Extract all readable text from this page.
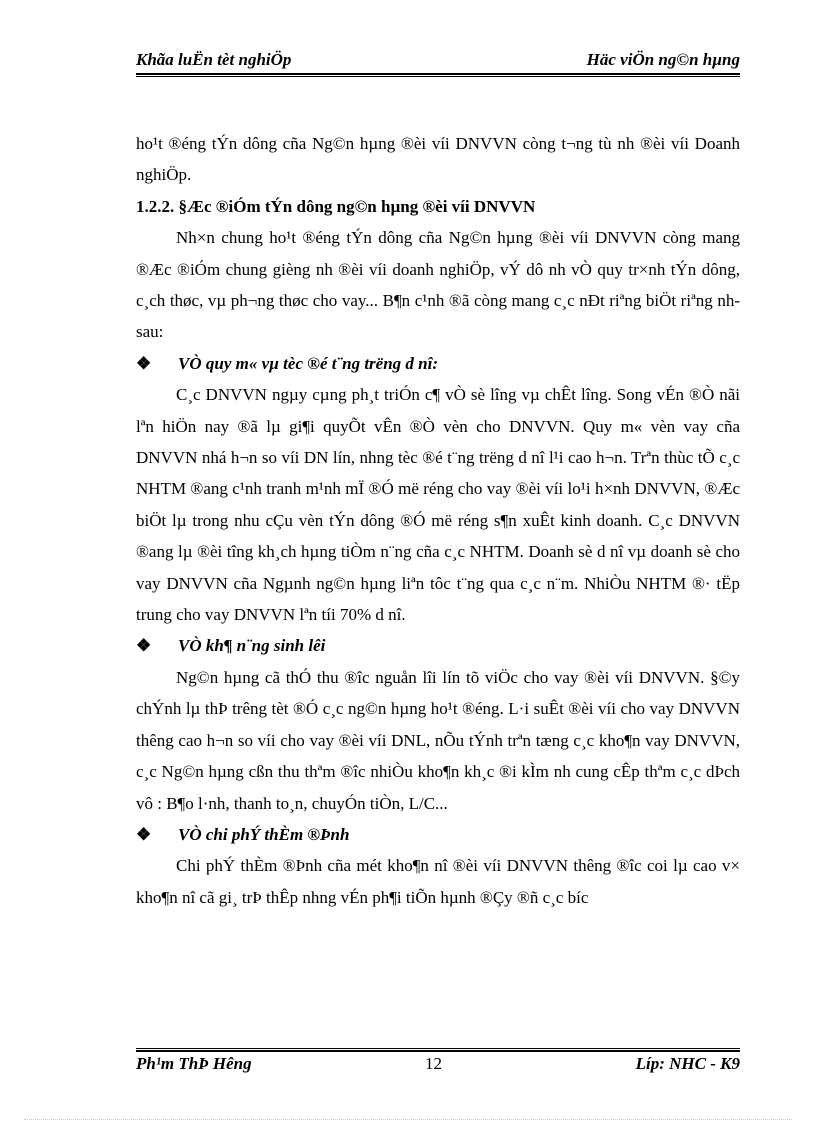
Khãa luËn tèt nghiÖp	Häc viÖn ng©n hµng

ho¹t ®éng tÝn dông cña Ng©n hµng ®èi víi DNVVN còng t¬ng tù nh ®èi víi Doanh nghiÖp.

1.2.2. §Æc ®iÓm tÝn dông ng©n hµng ®èi víi DNVVN

Nh×n chung ho¹t ®éng tÝn dông cña Ng©n hµng ®èi víi DNVVN còng mang ®Æc ®iÓm chung gièng nh ®èi víi doanh nghiÖp, vÝ dô nh vÒ quy tr×nh tÝn dông, c¸ch thøc, vµ ph¬ng thøc cho vay... B¶n c¹nh ®ã còng mang c¸c nÐt riªng biÖt riªng nh sau:

❖ VÒ quy m« vµ tèc ®é t¨ng trëng d nî:

C¸c DNVVN ngµy cµng ph¸t triÓn c¶ vÒ sè lîng vµ chÊt lîng. Song vÉn ®Ò nãi lªn hiÖn nay ®ã lµ gi¶i quyÕt vÊn ®Ò vèn cho DNVVN. Quy m« vèn vay cña DNVVN nhá h¬n so víi DN lín, nhng tèc ®é t¨ng trëng d nî l¹i cao h¬n. Trªn thùc tÕ c¸c NHTM ®ang c¹nh tranh m¹nh mÏ ®Ó më réng cho vay ®èi víi lo¹i h×nh DNVVN, ®Æc biÖt lµ trong nhu cÇu vèn tÝn dông ®Ó më réng s¶n xuÊt kinh doanh. C¸c DNVVN ®ang lµ ®èi tîng kh¸ch hµng tiÒm n¨ng cña c¸c NHTM. Doanh sè d nî vµ doanh sè cho vay DNVVN cña Ngµnh ng©n hµng liªn tôc t¨ng qua c¸c n¨m. NhiÒu NHTM ®· tËp trung cho vay DNVVN lªn tíi 70% d nî.

❖ VÒ kh¶ n¨ng sinh lêi

Ng©n hµng cã thÓ thu ®îc nguån lîi lín tõ viÖc cho vay ®èi víi DNVVN. §©y chÝnh lµ thÞ trêng tèt ®Ó c¸c ng©n hµng ho¹t ®éng. L·i suÊt ®èi víi cho vay DNVVN thêng cao h¬n so víi cho vay ®èi víi DNL, nÕu tÝnh trªn tæng c¸c kho¶n vay DNVVN, c¸c Ng©n hµng cßn thu thªm ®îc nhiÒu kho¶n kh¸c ®i kÌm nh cung cÊp thªm c¸c dÞch vô : B¶o l·nh, thanh to¸n, chuyÓn tiÒn, L/C...

❖ VÒ chi phÝ thÈm ®Þnh

Chi phÝ thÈm ®Þnh cña mét kho¶n nî ®èi víi DNVVN thêng ®îc coi lµ cao v× kho¶n nî cã gi¸ trÞ thÊp nhng vÉn ph¶i tiÕn hµnh ®Çy ®ñ c¸c bíc

Ph¹m ThÞ Hêng	12	Líp: NHC - K9
